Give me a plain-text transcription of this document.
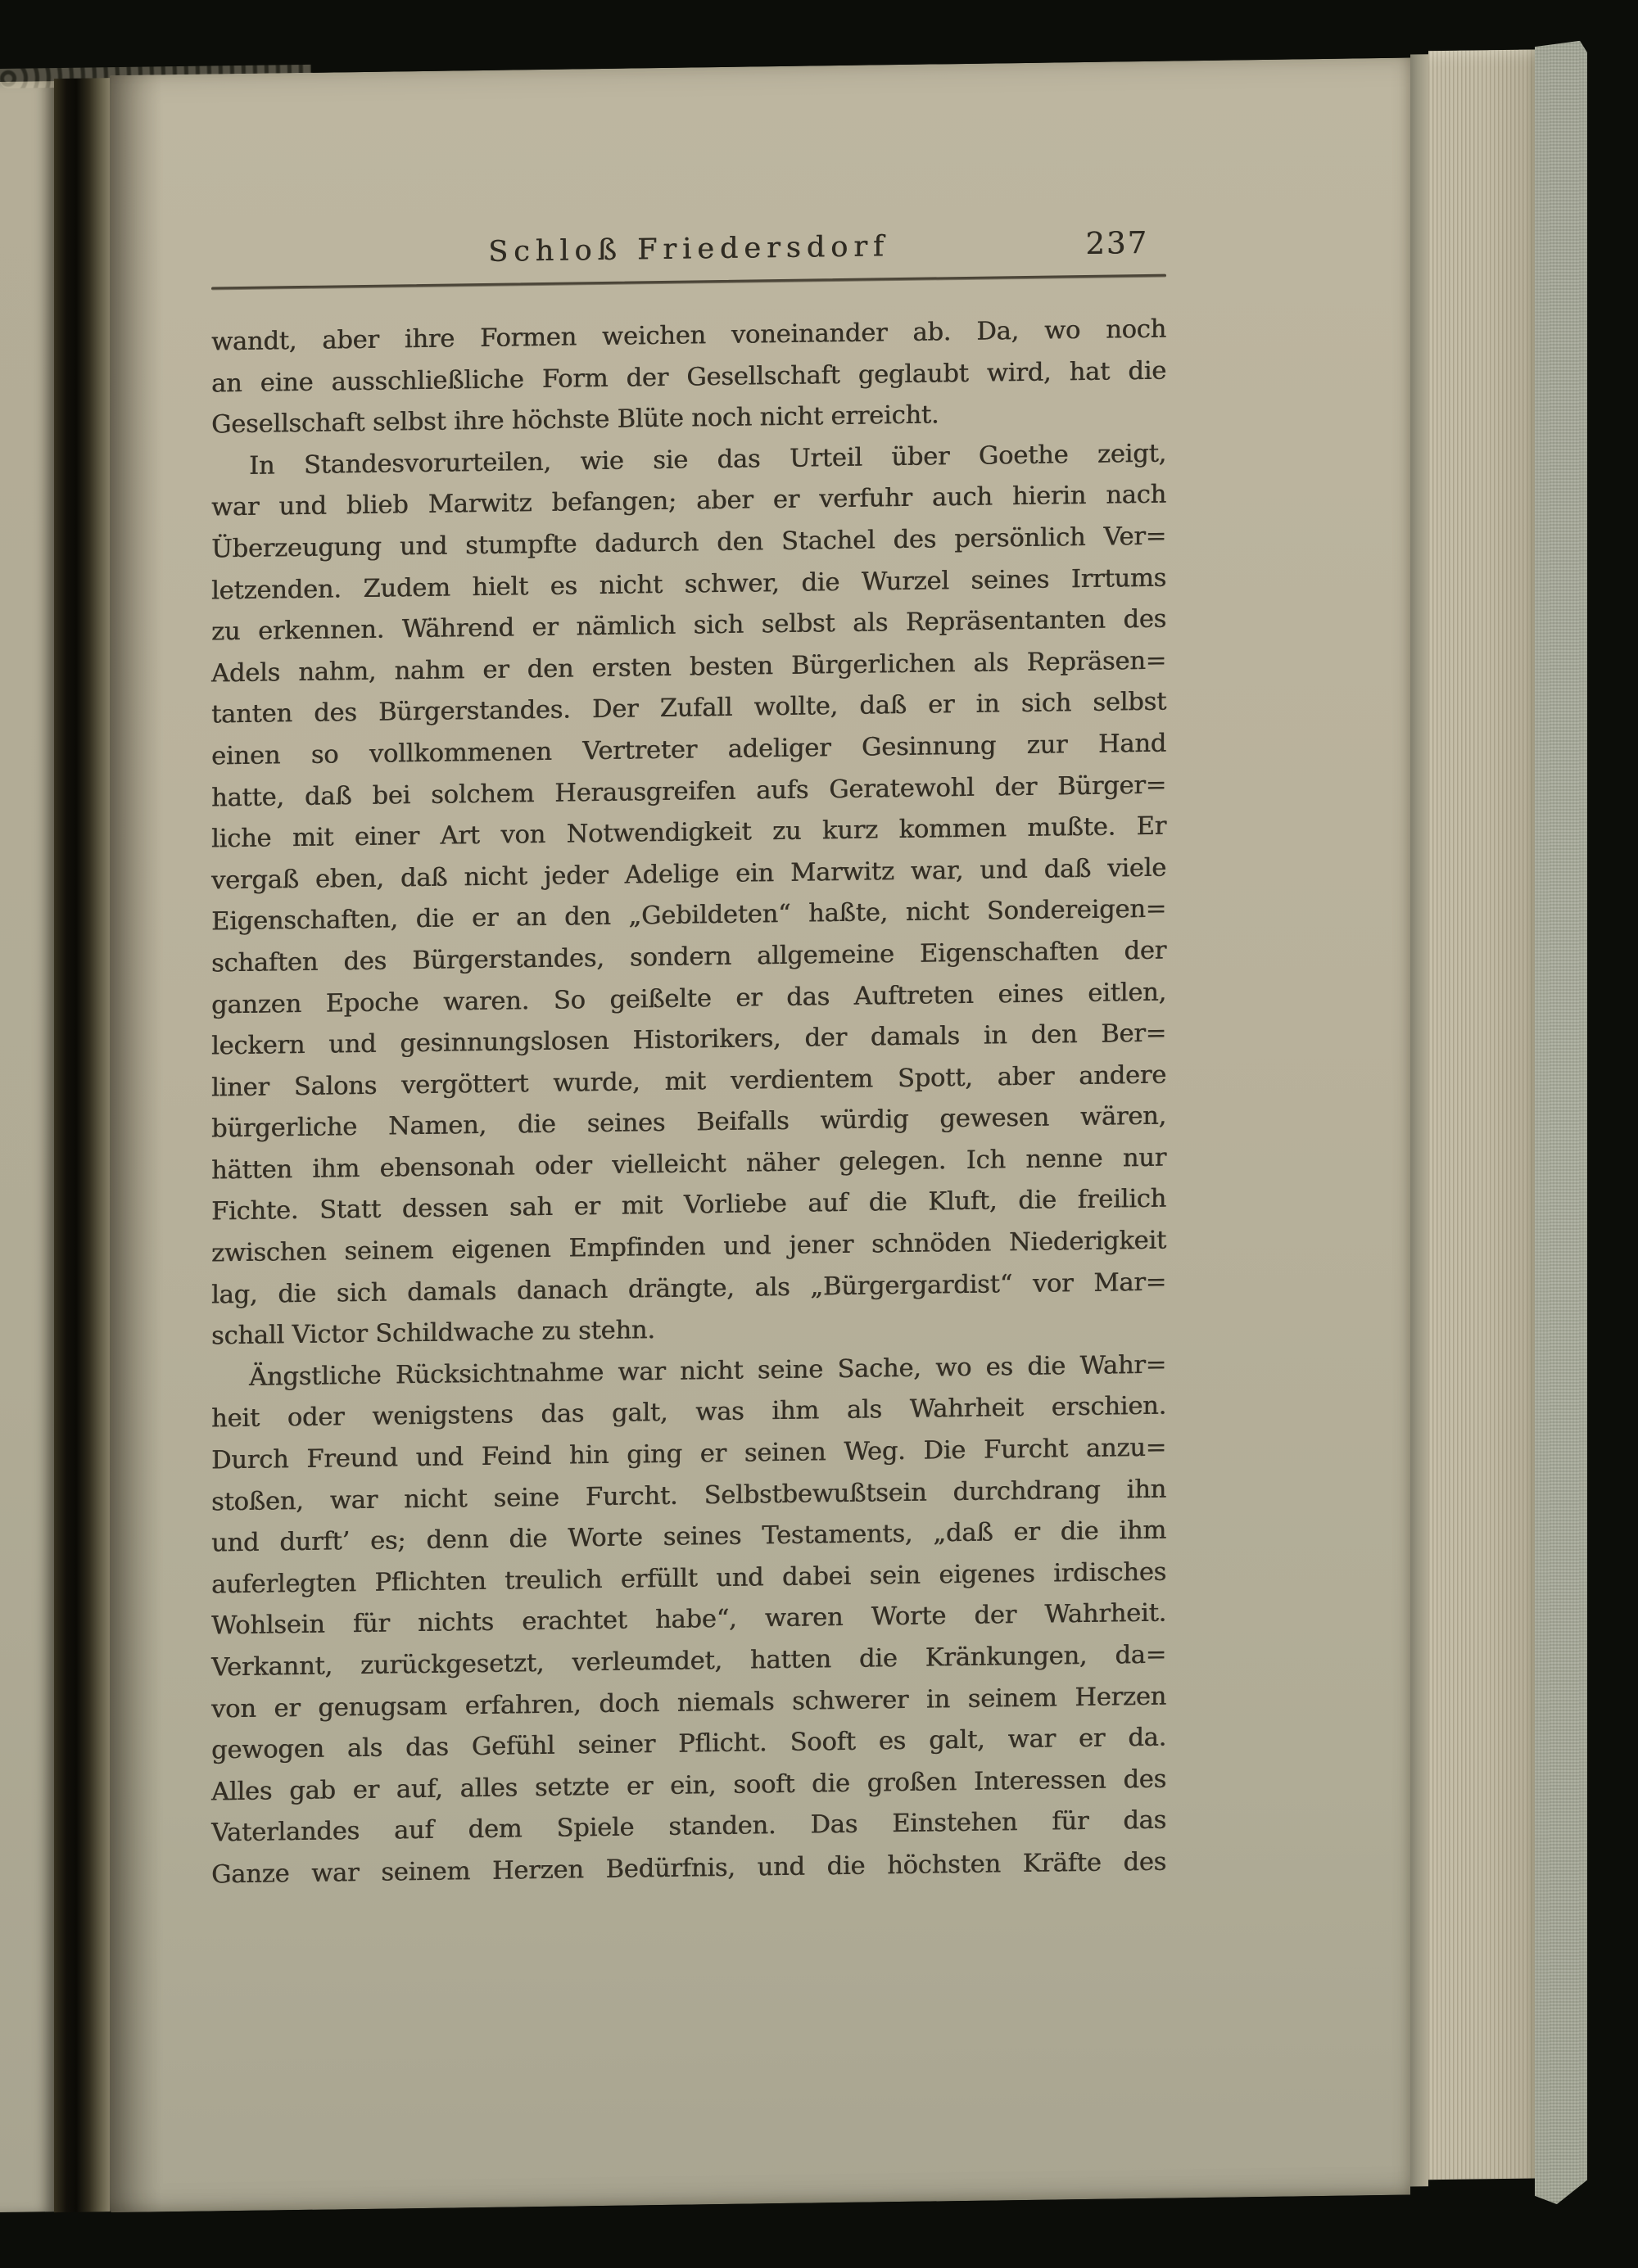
Schloß Friedersdorf	237
wandt, aber ihre Formen weichen voneinander ab. Da, wo noch
an eine ausschließliche Form der Gesellschaft geglaubt wird, hat die
Gesellschaft selbst ihre höchste Blüte noch nicht erreicht.
In Standesvorurteilen, wie sie das Urteil über Goethe zeigt,
war und blieb Marwitz befangen; aber er verfuhr auch hierin nach
Überzeugung und stumpfte dadurch den Stachel des persönlich Ver=
letzenden. Zudem hielt es nicht schwer, die Wurzel seines Irrtums
zu erkennen. Während er nämlich sich selbst als Repräsentanten des
Adels nahm, nahm er den ersten besten Bürgerlichen als Repräsen=
tanten des Bürgerstandes. Der Zufall wollte, daß er in sich selbst
einen so vollkommenen Vertreter adeliger Gesinnung zur Hand
hatte, daß bei solchem Herausgreifen aufs Geratewohl der Bürger=
liche mit einer Art von Notwendigkeit zu kurz kommen mußte. Er
vergaß eben, daß nicht jeder Adelige ein Marwitz war, und daß viele
Eigenschaften, die er an den „Gebildeten“ haßte, nicht Sondereigen=
schaften des Bürgerstandes, sondern allgemeine Eigenschaften der
ganzen Epoche waren. So geißelte er das Auftreten eines eitlen,
leckern und gesinnungslosen Historikers, der damals in den Ber=
liner Salons vergöttert wurde, mit verdientem Spott, aber andere
bürgerliche Namen, die seines Beifalls würdig gewesen wären,
hätten ihm ebensonah oder vielleicht näher gelegen. Ich nenne nur
Fichte. Statt dessen sah er mit Vorliebe auf die Kluft, die freilich
zwischen seinem eigenen Empfinden und jener schnöden Niederigkeit
lag, die sich damals danach drängte, als „Bürgergardist“ vor Mar=
schall Victor Schildwache zu stehn.
Ängstliche Rücksichtnahme war nicht seine Sache, wo es die Wahr=
heit oder wenigstens das galt, was ihm als Wahrheit erschien.
Durch Freund und Feind hin ging er seinen Weg. Die Furcht anzu=
stoßen, war nicht seine Furcht. Selbstbewußtsein durchdrang ihn
und durft’ es; denn die Worte seines Testaments, „daß er die ihm
auferlegten Pflichten treulich erfüllt und dabei sein eigenes irdisches
Wohlsein für nichts erachtet habe“, waren Worte der Wahrheit.
Verkannt, zurückgesetzt, verleumdet, hatten die Kränkungen, da=
von er genugsam erfahren, doch niemals schwerer in seinem Herzen
gewogen als das Gefühl seiner Pflicht. Sooft es galt, war er da.
Alles gab er auf, alles setzte er ein, sooft die großen Interessen des
Vaterlandes auf dem Spiele standen. Das Einstehen für das
Ganze war seinem Herzen Bedürfnis, und die höchsten Kräfte des
